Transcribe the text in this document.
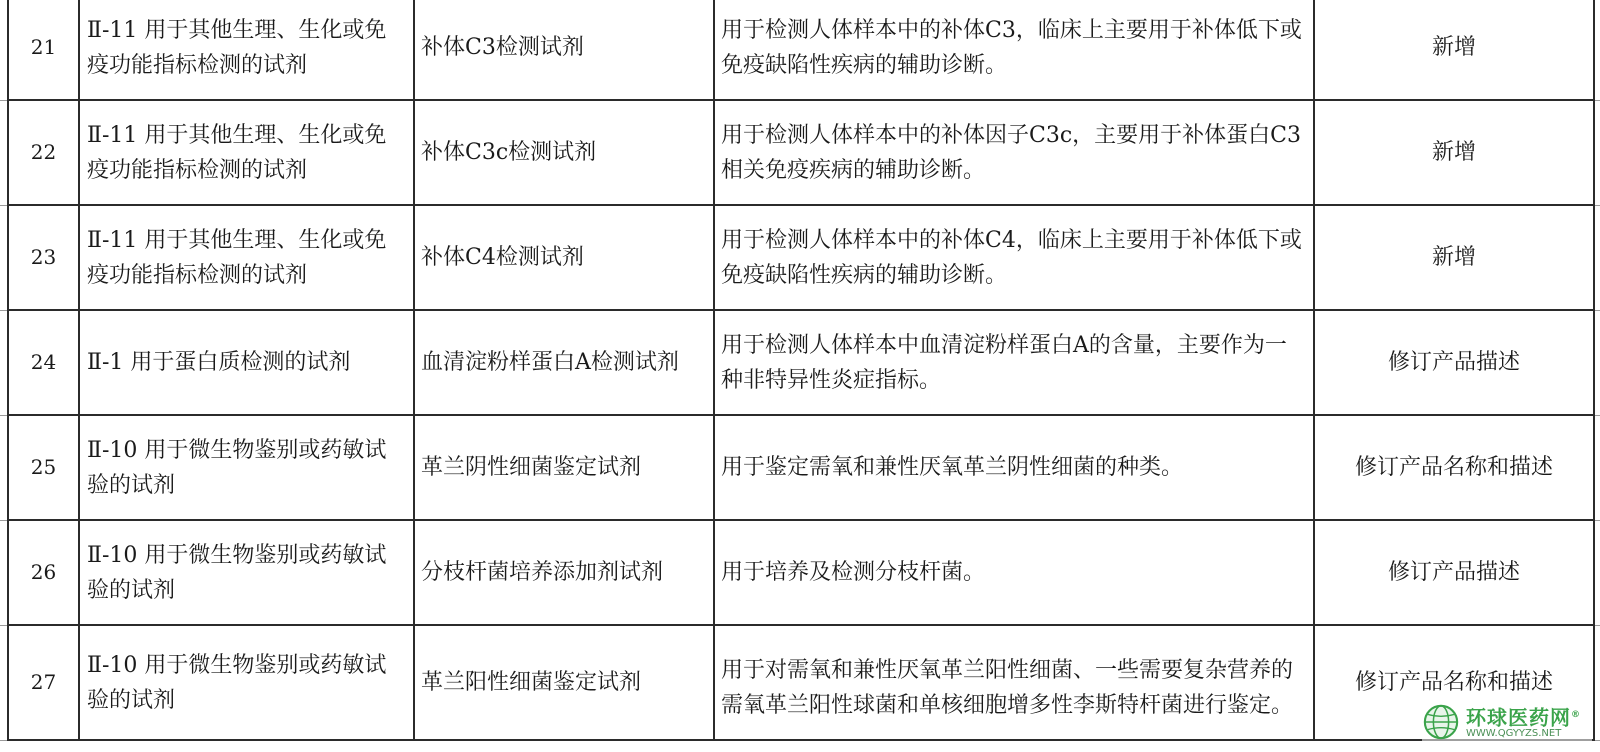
	21	Ⅱ-11 用于其他生理、生化或免疫功能指标检测的试剂	补体C3检测试剂	用于检测人体样本中的补体C3，临床上主要用于补体低下或免疫缺陷性疾病的辅助诊断。	新增	
	22	Ⅱ-11 用于其他生理、生化或免疫功能指标检测的试剂	补体C3c检测试剂	用于检测人体样本中的补体因子C3c，主要用于补体蛋白C3相关免疫疾病的辅助诊断。	新增	
	23	Ⅱ-11 用于其他生理、生化或免疫功能指标检测的试剂	补体C4检测试剂	用于检测人体样本中的补体C4，临床上主要用于补体低下或免疫缺陷性疾病的辅助诊断。	新增	
	24	Ⅱ-1 用于蛋白质检测的试剂	血清淀粉样蛋白A检测试剂	用于检测人体样本中血清淀粉样蛋白A的含量，主要作为一种非特异性炎症指标。	修订产品描述	
	25	Ⅱ-10 用于微生物鉴别或药敏试验的试剂	革兰阴性细菌鉴定试剂	用于鉴定需氧和兼性厌氧革兰阴性细菌的种类。	修订产品名称和描述	
	26	Ⅱ-10 用于微生物鉴别或药敏试验的试剂	分枝杆菌培养添加剂试剂	用于培养及检测分枝杆菌。	修订产品描述	
	27	Ⅱ-10 用于微生物鉴别或药敏试验的试剂	革兰阳性细菌鉴定试剂	用于对需氧和兼性厌氧革兰阳性细菌、一些需要复杂营养的需氧革兰阳性球菌和单核细胞增多性李斯特杆菌进行鉴定。	修订产品名称和描述	
环球医药网®
WWW.QGYYZS.NET
